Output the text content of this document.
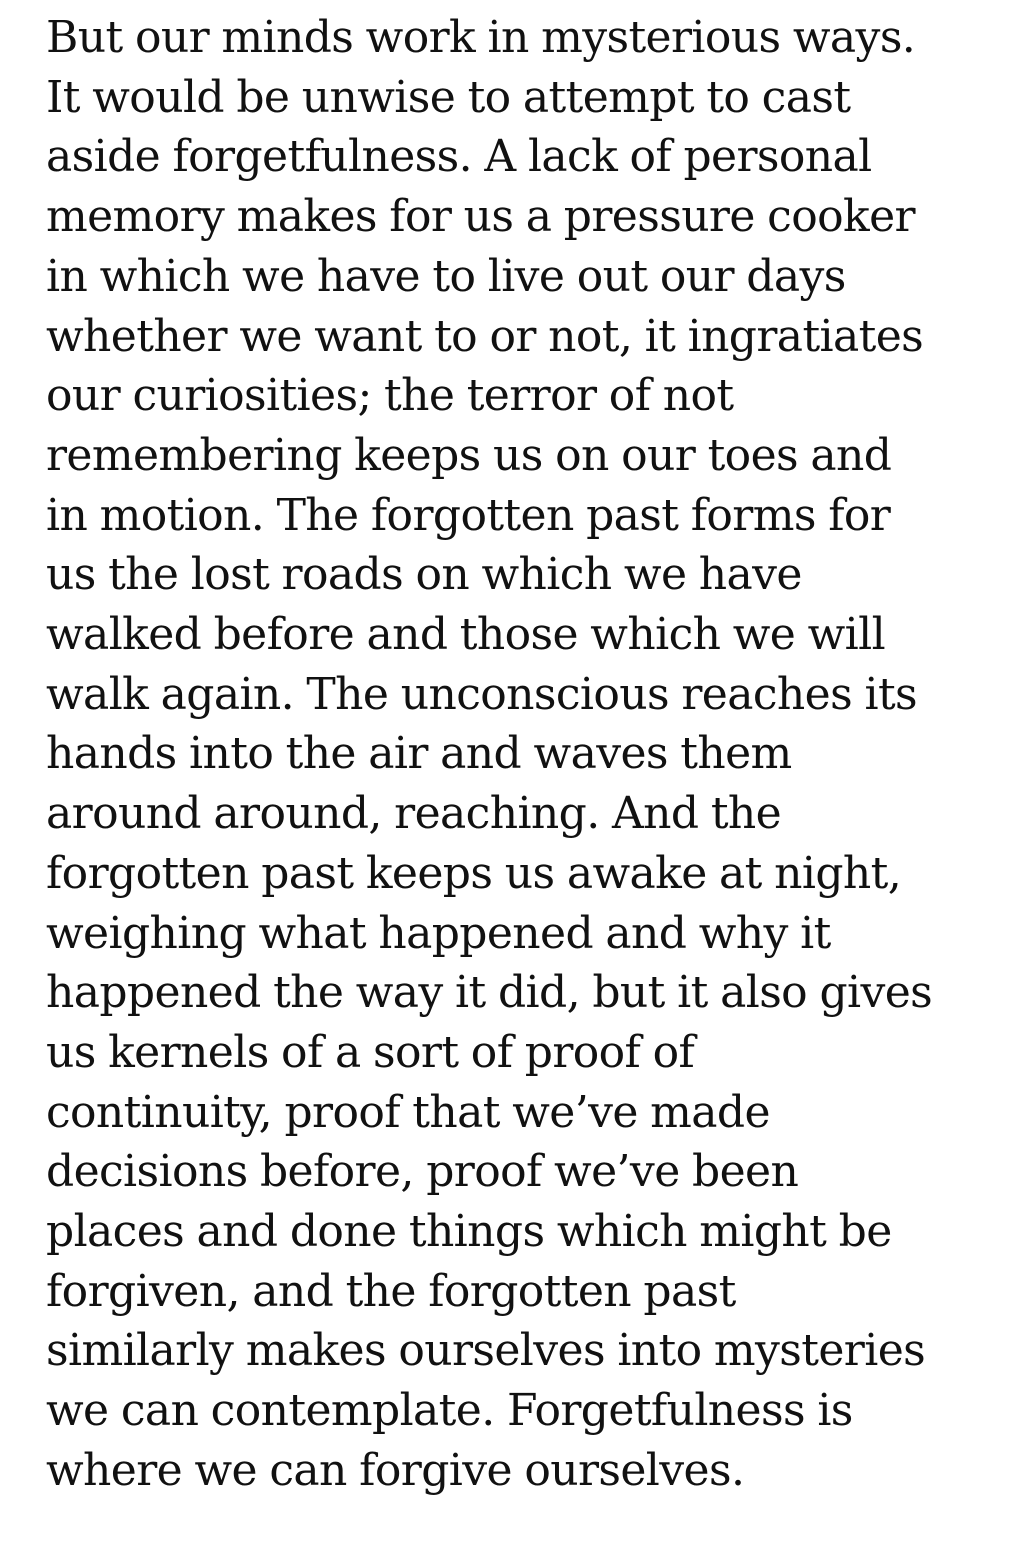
But our minds work in mysterious ways.
It would be unwise to attempt to cast
aside forgetfulness. A lack of personal
memory makes for us a pressure cooker
in which we have to live out our days
whether we want to or not, it ingratiates
our curiosities; the terror of not
remembering keeps us on our toes and
in motion. The forgotten past forms for
us the lost roads on which we have
walked before and those which we will
walk again. The unconscious reaches its
hands into the air and waves them
around around, reaching. And the
forgotten past keeps us awake at night,
weighing what happened and why it
happened the way it did, but it also gives
us kernels of a sort of proof of
continuity, proof that we’ve made
decisions before, proof we’ve been
places and done things which might be
forgiven, and the forgotten past
similarly makes ourselves into mysteries
we can contemplate. Forgetfulness is
where we can forgive ourselves.
